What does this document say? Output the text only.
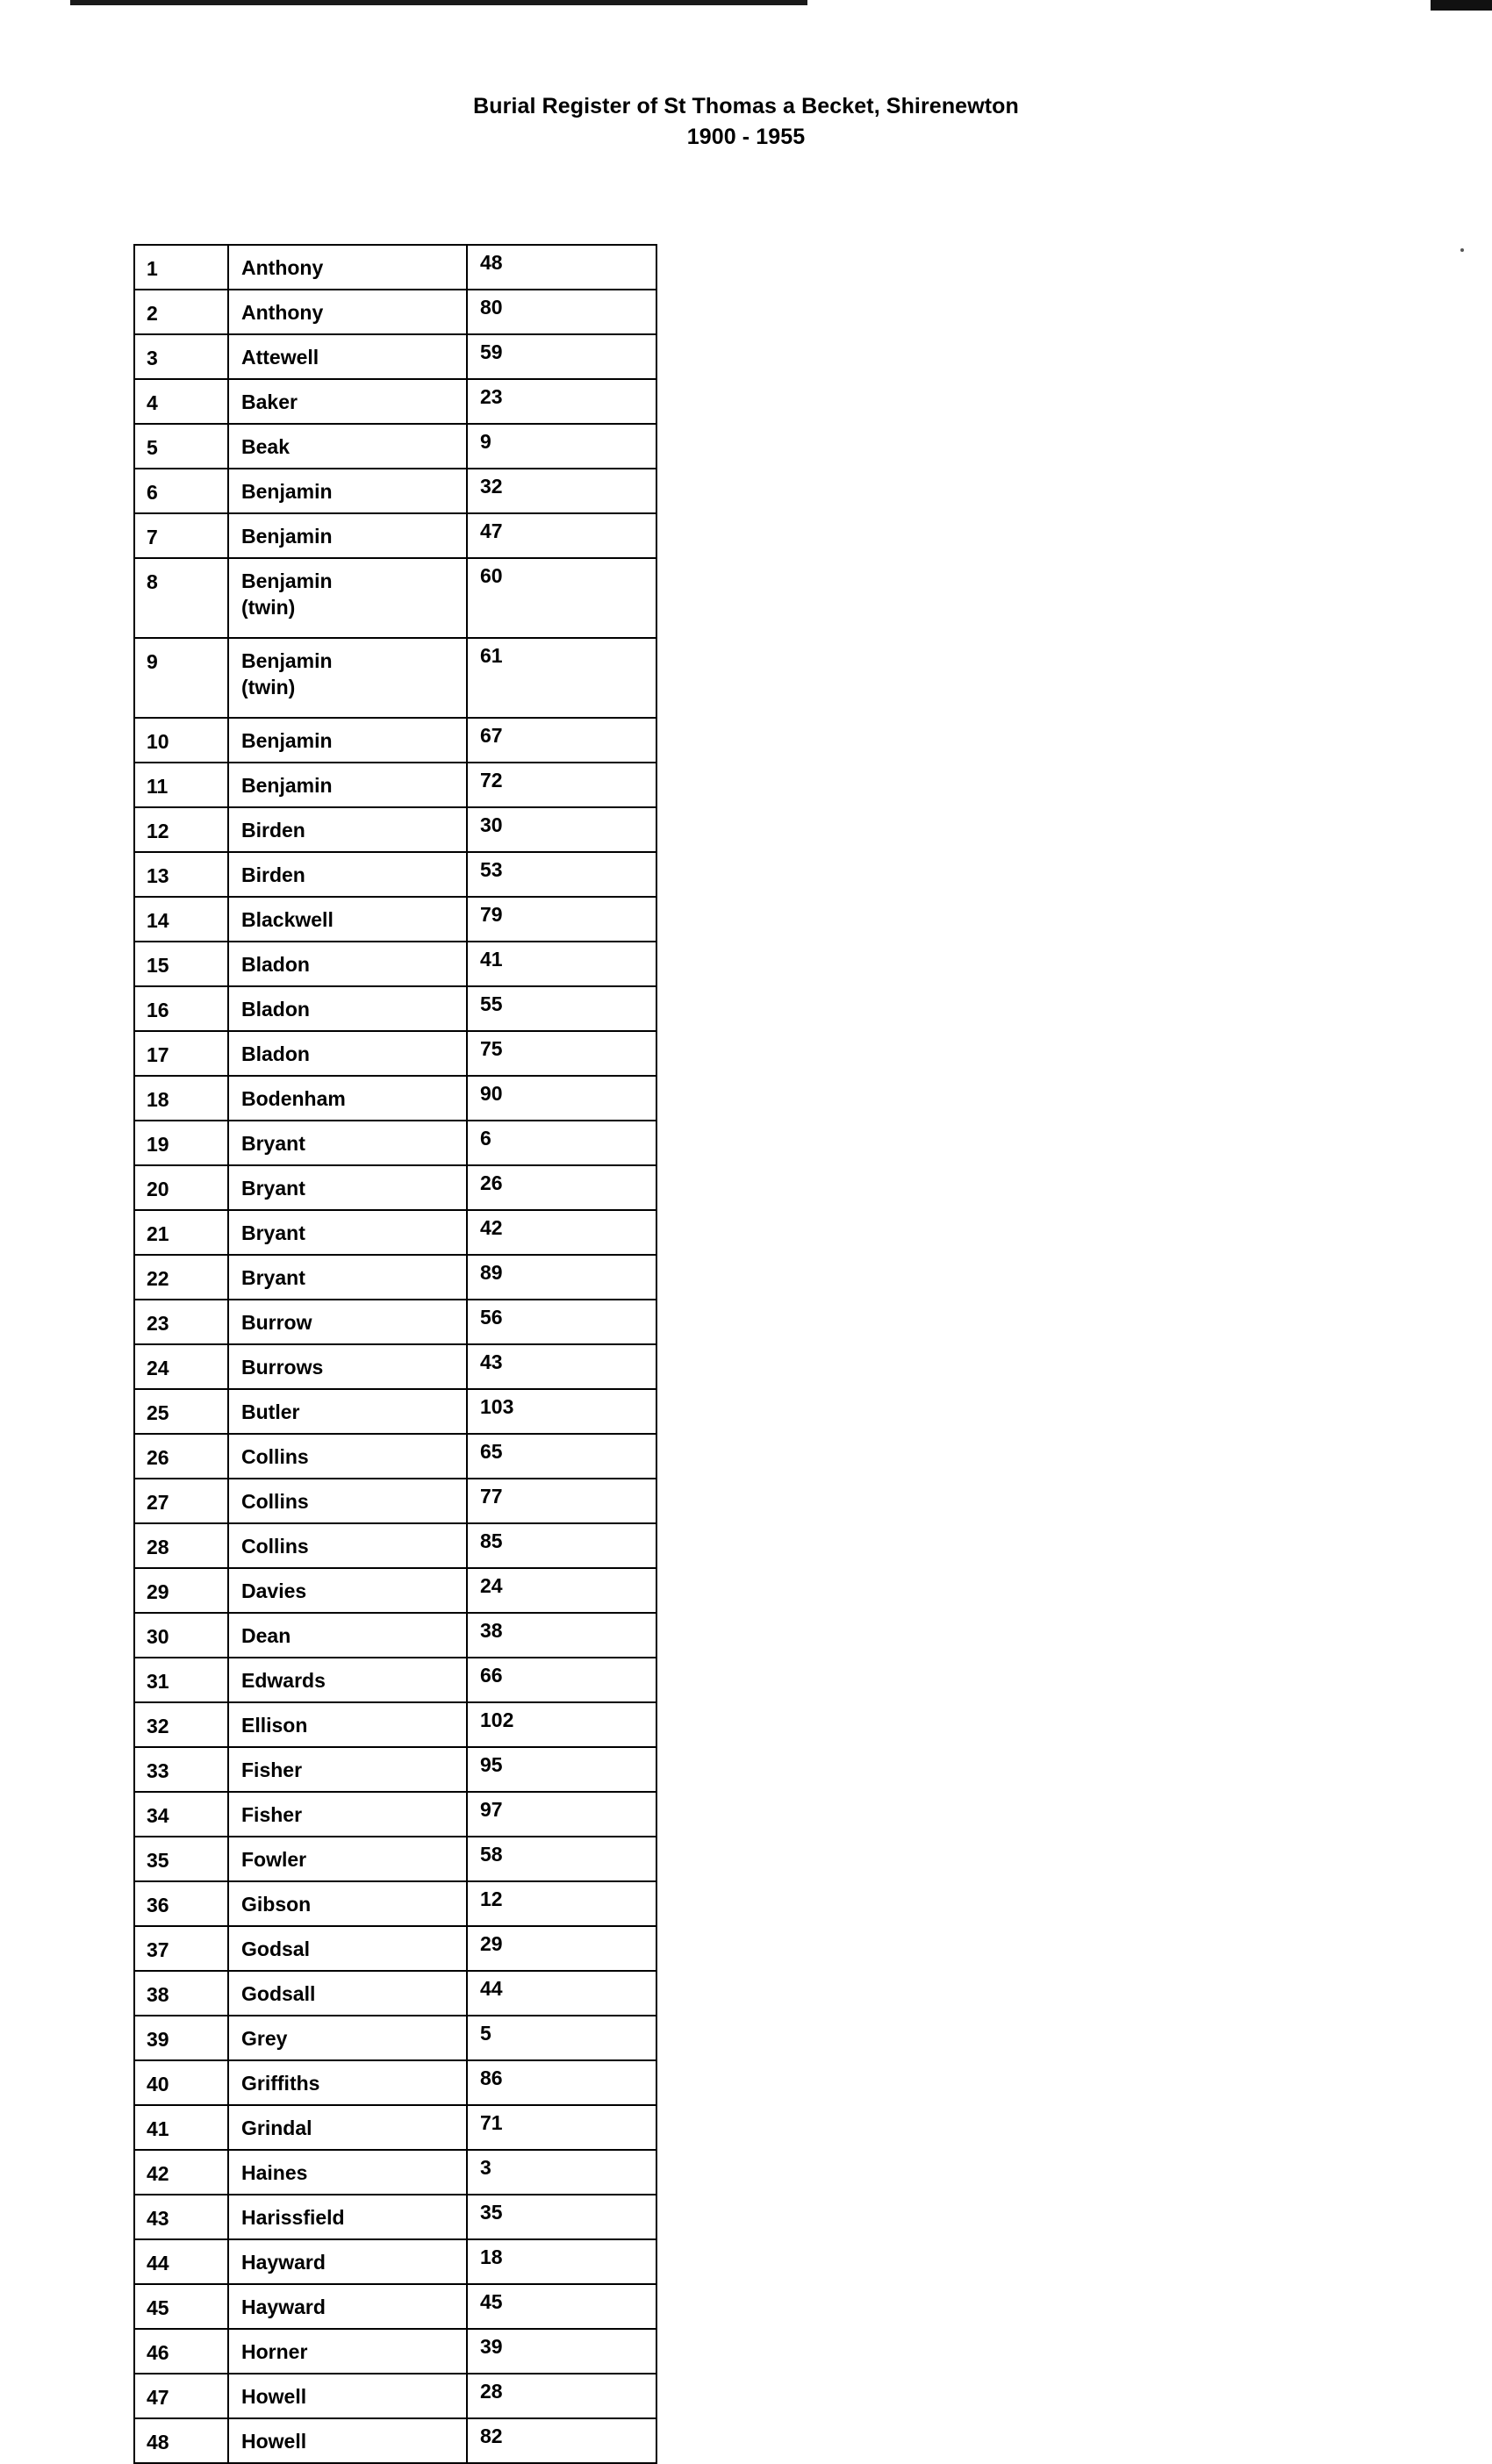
Burial Register of St Thomas a Becket, Shirenewton
1900 - 1955
1	Anthony	48
2	Anthony	80
3	Attewell	59
4	Baker	23
5	Beak	9
6	Benjamin	32
7	Benjamin	47
8	Benjamin
(twin)	60
9	Benjamin
(twin)	61
10	Benjamin	67
11	Benjamin	72
12	Birden	30
13	Birden	53
14	Blackwell	79
15	Bladon	41
16	Bladon	55
17	Bladon	75
18	Bodenham	90
19	Bryant	6
20	Bryant	26
21	Bryant	42
22	Bryant	89
23	Burrow	56
24	Burrows	43
25	Butler	103
26	Collins	65
27	Collins	77
28	Collins	85
29	Davies	24
30	Dean	38
31	Edwards	66
32	Ellison	102
33	Fisher	95
34	Fisher	97
35	Fowler	58
36	Gibson	12
37	Godsal	29
38	Godsall	44
39	Grey	5
40	Griffiths	86
41	Grindal	71
42	Haines	3
43	Harissfield	35
44	Hayward	18
45	Hayward	45
46	Horner	39
47	Howell	28
48	Howell	82
